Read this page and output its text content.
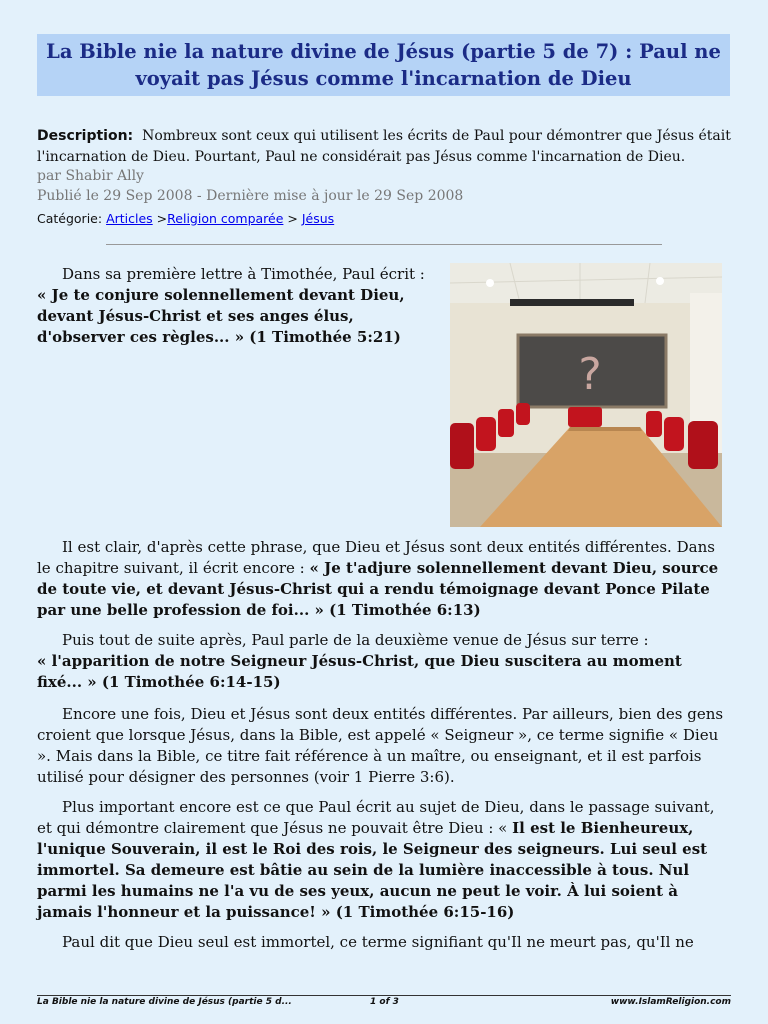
La Bible nie la nature divine de Jésus (partie 5 de 7) : Paul ne voyait pas Jésus comme l'incarnation de Dieu
Description: Nombreux sont ceux qui utilisent les écrits de Paul pour démontrer que Jésus était l'incarnation de Dieu. Pourtant, Paul ne considérait pas Jésus comme l'incarnation de Dieu.
par Shabir Ally
Publié le 29 Sep 2008 - Dernière mise à jour le 29 Sep 2008
Catégorie: Articles >Religion comparée > Jésus
?
Dans sa première lettre à Timothée, Paul écrit : « Je te conjure solennellement devant Dieu, devant Jésus-Christ et ses anges élus, d'observer ces règles... » (1 Timothée 5:21)
Il est clair, d'après cette phrase, que Dieu et Jésus sont deux entités différentes. Dans le chapitre suivant, il écrit encore : « Je t'adjure solennellement devant Dieu, source de toute vie, et devant Jésus-Christ qui a rendu témoignage devant Ponce Pilate par une belle profession de foi... » (1 Timothée 6:13)
Puis tout de suite après, Paul parle de la deuxième venue de Jésus sur terre :
« l'apparition de notre Seigneur Jésus-Christ, que Dieu suscitera au moment fixé... » (1 Timothée 6:14-15)
Encore une fois, Dieu et Jésus sont deux entités différentes. Par ailleurs, bien des gens croient que lorsque Jésus, dans la Bible, est appelé « Seigneur », ce terme signifie « Dieu ». Mais dans la Bible, ce titre fait référence à un maître, ou enseignant, et il est parfois utilisé pour désigner des personnes (voir 1 Pierre 3:6).
Plus important encore est ce que Paul écrit au sujet de Dieu, dans le passage suivant, et qui démontre clairement que Jésus ne pouvait être Dieu : « Il est le Bienheureux, l'unique Souverain, il est le Roi des rois, le Seigneur des seigneurs. Lui seul est immortel. Sa demeure est bâtie au sein de la lumière inaccessible à tous. Nul parmi les humains ne l'a vu de ses yeux, aucun ne peut le voir. À lui soient à jamais l'honneur et la puissance! » (1 Timothée 6:15-16)
Paul dit que Dieu seul est immortel, ce terme signifiant qu'Il ne meurt pas, qu'Il ne
La Bible nie la nature divine de Jésus (partie 5 d...	1 of 3	www.IslamReligion.com
